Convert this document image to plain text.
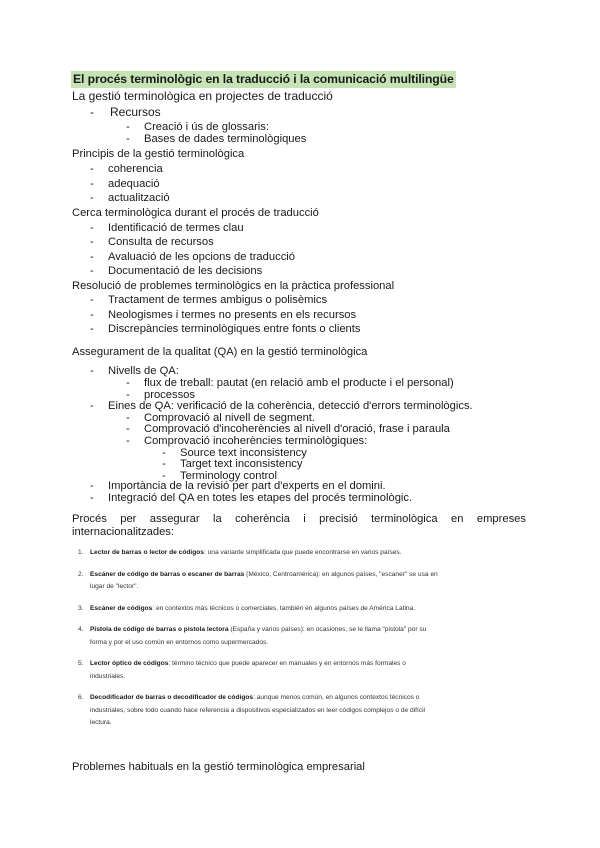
El procés terminològic en la traducció i la comunicació multilingüe
La gestió terminològica en projectes de traducció
- Recursos
- Creació i ús de glossaris:
- Bases de dades terminològiques
Principis de la gestió terminològica
- coherencia
- adequació
- actualització
Cerca terminològica durant el procés de traducció
- Identificació de termes clau
- Consulta de recursos
- Avaluació de les opcions de traducció
- Documentació de les decisions
Resolució de problemes terminològics en la pràctica professional
- Tractament de termes ambigus o polisèmics
- Neologismes i termes no presents en els recursos
- Discrepàncies terminològiques entre fonts o clients
Assegurament de la qualitat (QA) en la gestió terminològica
- Nivells de QA:
- flux de treball: pautat (en relació amb el producte i el personal)
- processos
- Eines de QA: verificació de la coherència, detecció d'errors terminològics.
- Comprovació al nivell de segment.
- Comprovació d'incoherències al nivell d'oració, frase i paraula
- Comprovació incoherències terminològiques:
- Source text inconsistency
- Target text inconsistency
- Terminology control
- Importància de la revisió per part d'experts en el domini.
- Integració del QA en totes les etapes del procés terminològic.
Procés per assegurar la coherència i precisió terminològica en empreses internacionalitzades:
1. Lector de barras o lector de códigos: una variante simplificada que puede encontrarse en varios países.
2. Escáner de código de barras o escaner de barras (México, Centroamérica): en algunos países, "escaner" se usa en lugar de "lector".
3. Escáner de códigos: en contextos más técnicos o comerciales, también en algunos países de América Latina.
4. Pistola de código de barras o pistola lectora (España y varios países): en ocasiones, se le llama "pistola" por su forma y por el uso común en entornos como supermercados.
5. Lector óptico de códigos: término técnico que puede aparecer en manuales y en entornos más formales o industriales.
6. Decodificador de barras o decodificador de códigos: aunque menos común, en algunos contextos técnicos o industriales, sobre todo cuando hace referencia a dispositivos especializados en leer códigos complejos o de difícil lectura.
Problemes habituals en la gestió terminològica empresarial
